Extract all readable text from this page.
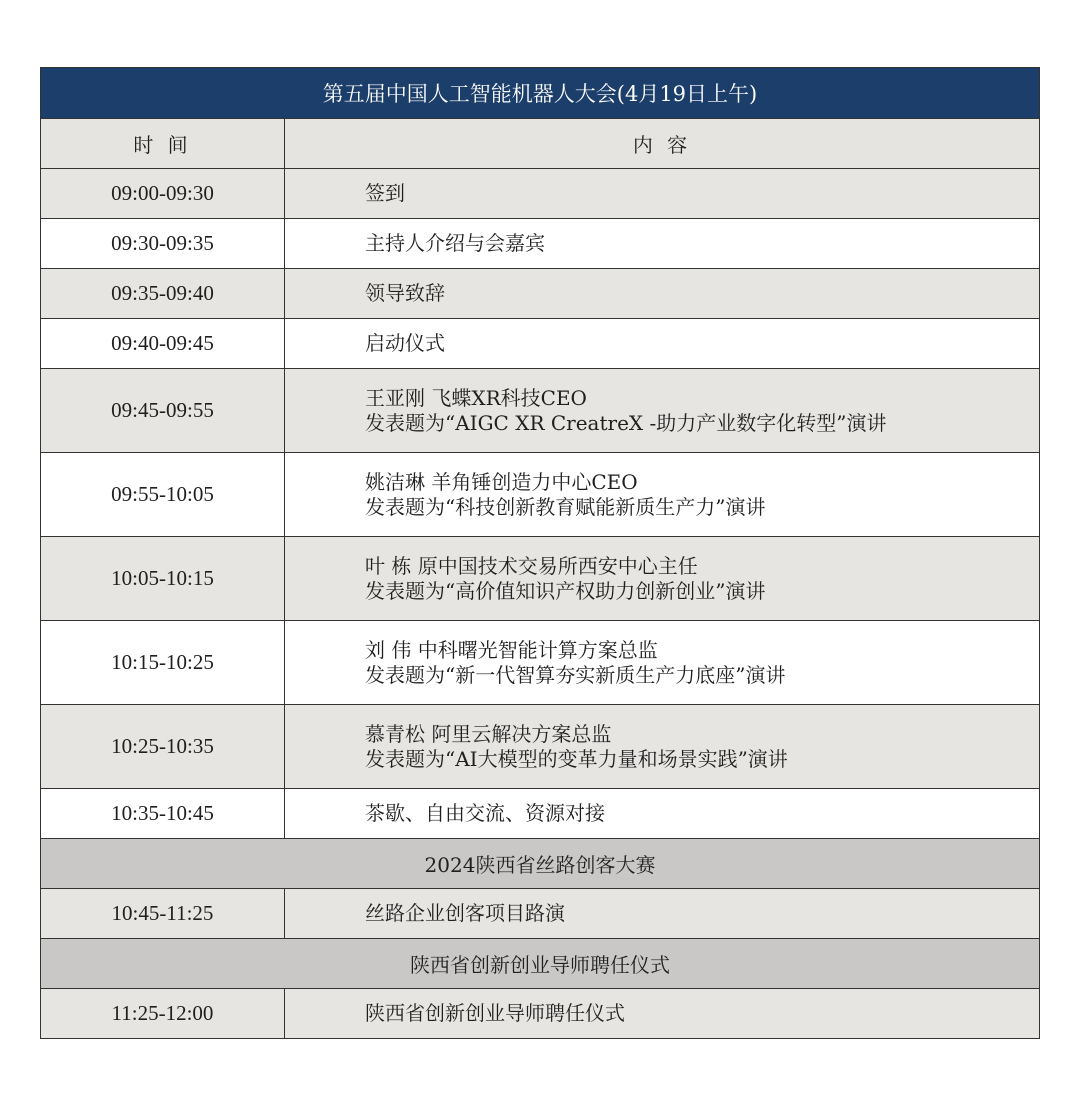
第五届中国人工智能机器人大会(4月19日上午)	
时 间	内 容
09:00-09:30	签到

09:30-09:35	主持人介绍与会嘉宾

09:35-09:40	领导致辞

09:40-09:45	启动仪式

09:45-09:55	王亚刚 飞蝶XR科技CEO
发表题为“AIGC XR CreatreX -助力产业数字化转型”演讲

09:55-10:05	姚洁琳 羊角锤创造力中心CEO
发表题为“科技创新教育赋能新质生产力”演讲

10:05-10:15	叶 栋 原中国技术交易所西安中心主任
发表题为“高价值知识产权助力创新创业”演讲

10:15-10:25	刘 伟 中科曙光智能计算方案总监
发表题为“新一代智算夯实新质生产力底座”演讲

10:25-10:35	慕青松 阿里云解决方案总监
发表题为“AI大模型的变革力量和场景实践”演讲

10:35-10:45	茶歇、自由交流、资源对接

2024陕西省丝路创客大赛	
10:45-11:25	丝路企业创客项目路演

陕西省创新创业导师聘任仪式	
11:25-12:00	陕西省创新创业导师聘任仪式
